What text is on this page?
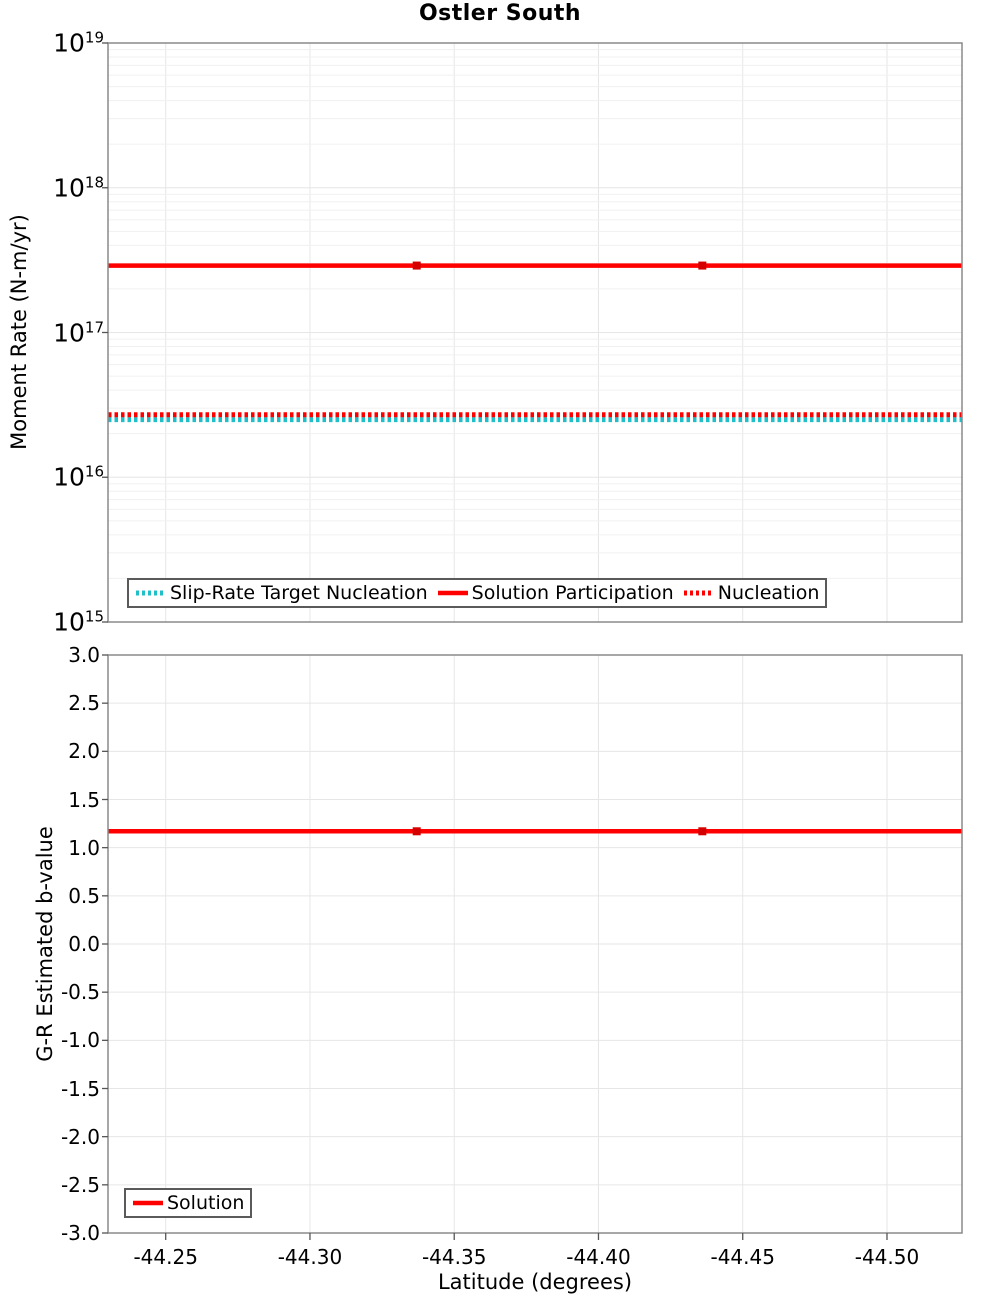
Ostler South
Moment Rate (N-m/yr)
G-R Estimated b-value
Latitude (degrees)
$10^{19}$
$10^{18}$
$10^{17}$
$10^{16}$
$10^{15}$
3.0
2.5
2.0
1.5
1.0
0.5
0.0
-0.5
-1.0
-1.5
-2.0
-2.5
-3.0
-44.25	-44.30	-44.35	-44.40	-44.45	-44.50
Slip-Rate Target Nucleation Solution Participation Nucleation
Solution
